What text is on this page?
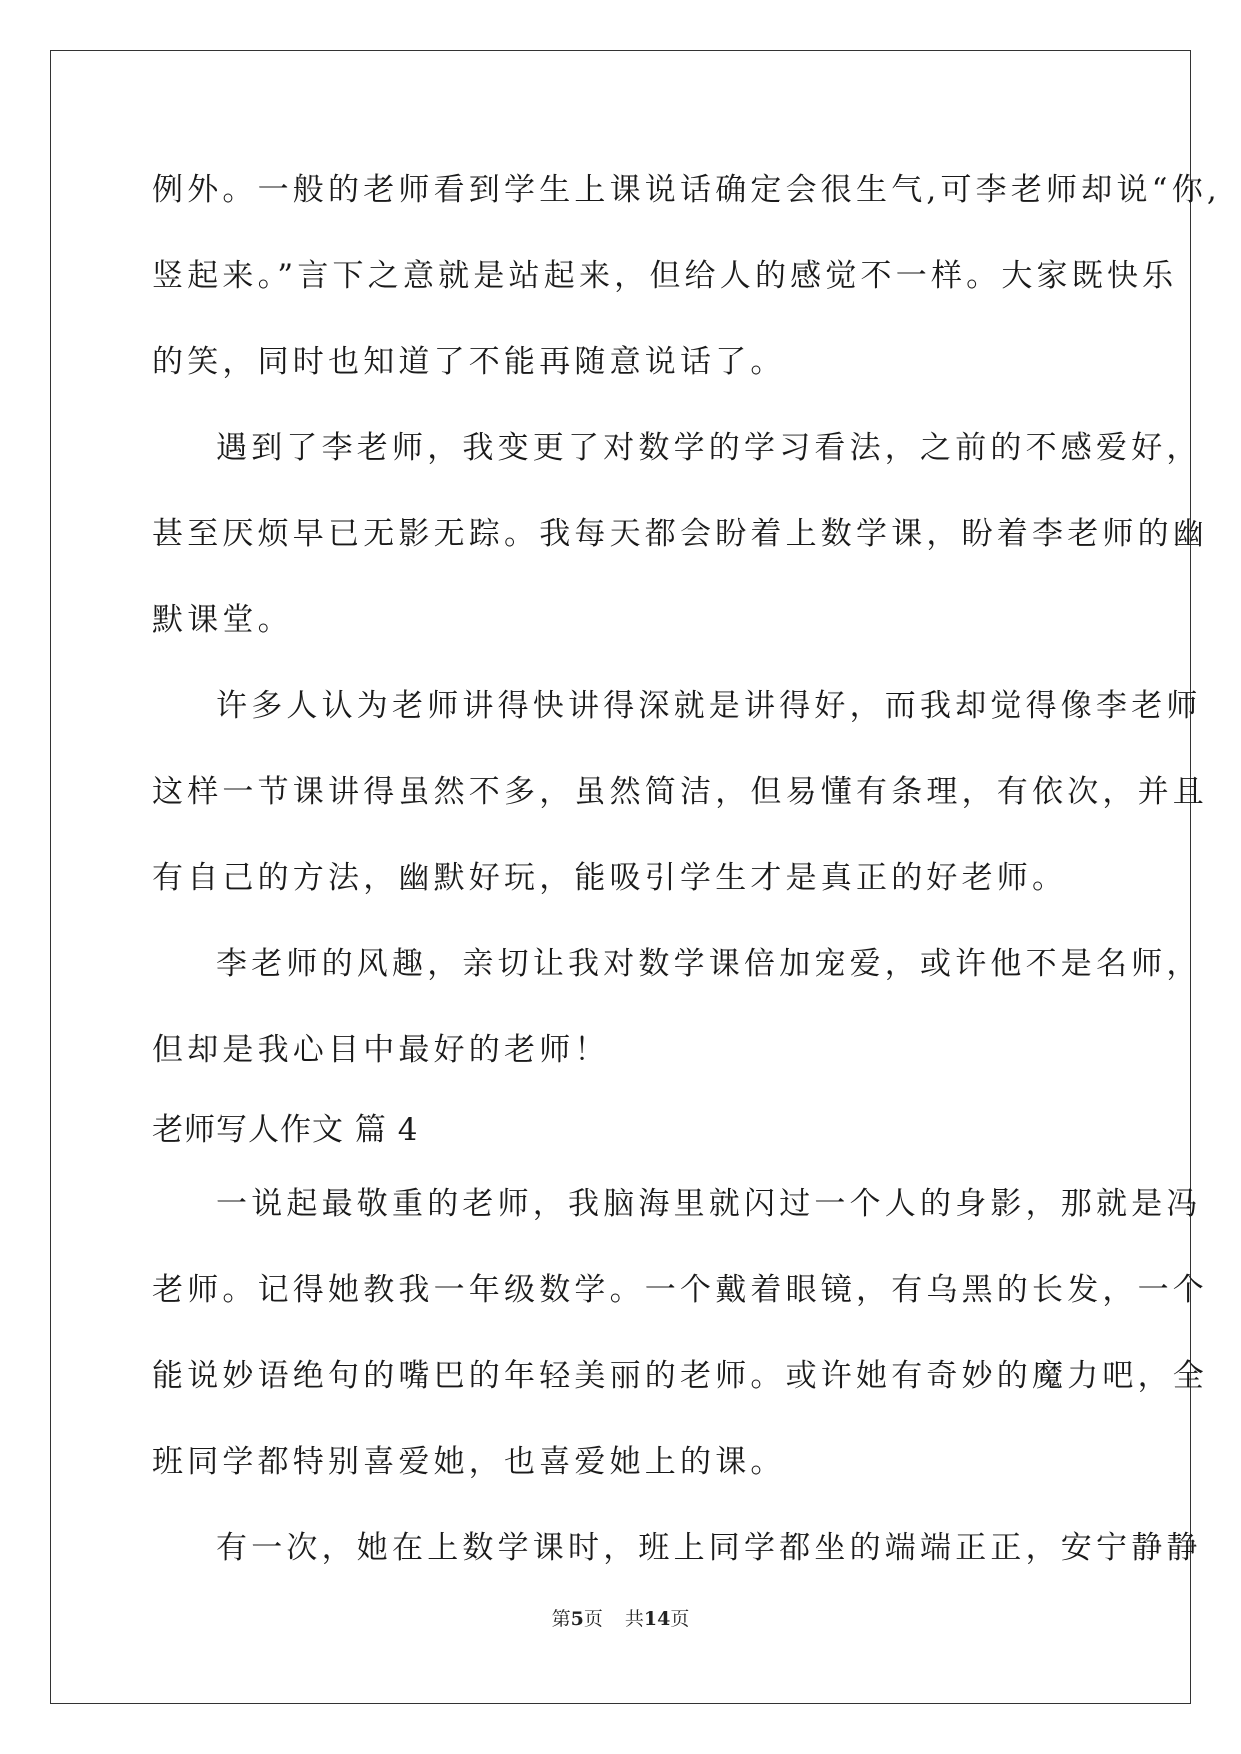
例外。一般的老师看到学生上课说话确定会很生气,可李老师却说“你,
竖起来。”言下之意就是站起来，但给人的感觉不一样。大家既快乐
的笑，同时也知道了不能再随意说话了。
遇到了李老师，我变更了对数学的学习看法，之前的不感爱好，
甚至厌烦早已无影无踪。我每天都会盼着上数学课，盼着李老师的幽
默课堂。
许多人认为老师讲得快讲得深就是讲得好，而我却觉得像李老师
这样一节课讲得虽然不多，虽然简洁，但易懂有条理，有依次，并且
有自己的方法，幽默好玩，能吸引学生才是真正的好老师。
李老师的风趣，亲切让我对数学课倍加宠爱，或许他不是名师，
但却是我心目中最好的老师！
老师写人作文 篇 4
一说起最敬重的老师，我脑海里就闪过一个人的身影，那就是冯
老师。记得她教我一年级数学。一个戴着眼镜，有乌黑的长发，一个
能说妙语绝句的嘴巴的年轻美丽的老师。或许她有奇妙的魔力吧，全
班同学都特别喜爱她，也喜爱她上的课。
有一次，她在上数学课时，班上同学都坐的端端正正，安宁静静
第5页 共14页
